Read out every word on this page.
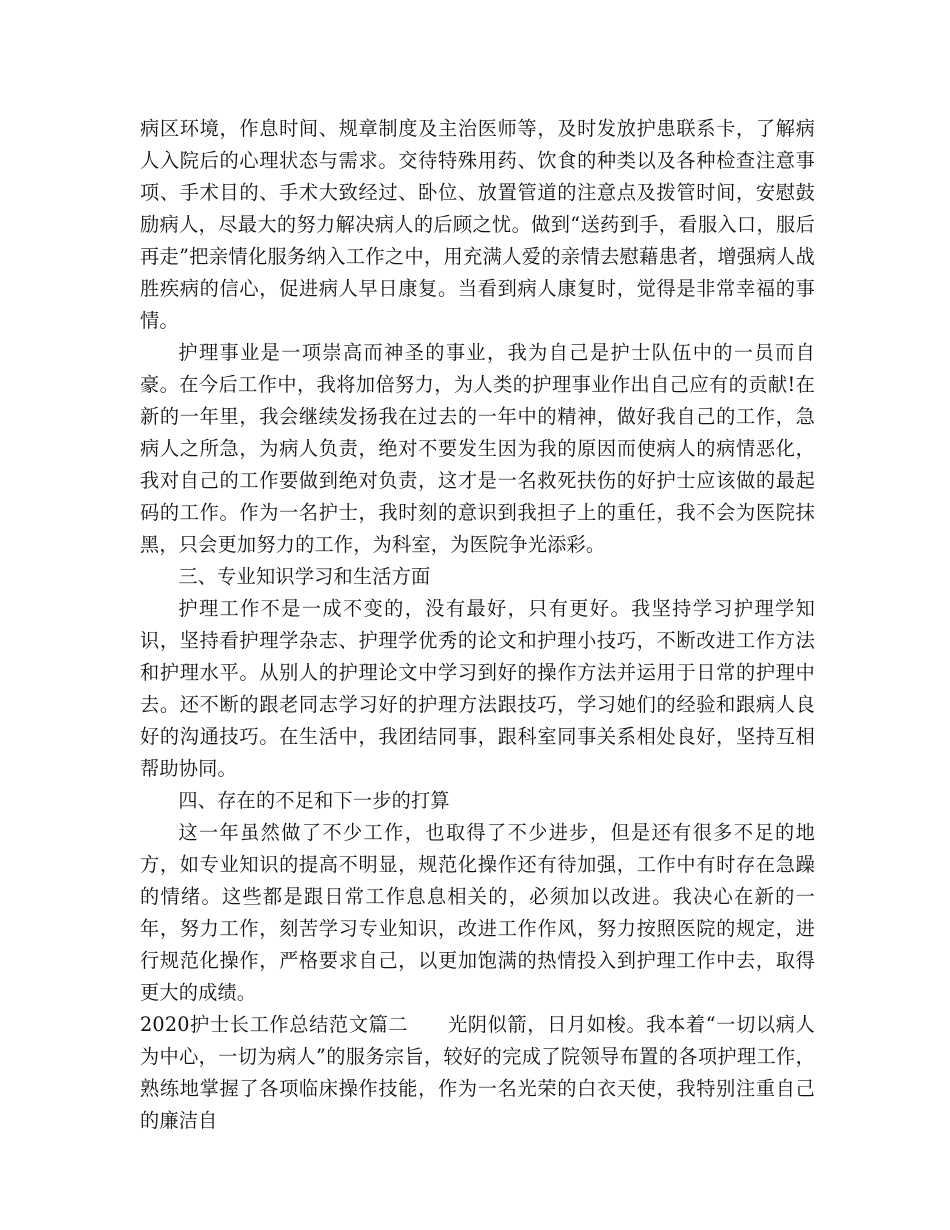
病区环境，作息时间、规章制度及主治医师等，及时发放护患联系卡，了解病人入院后的心理状态与需求。交待特殊用药、饮食的种类以及各种检查注意事项、手术目的、手术大致经过、卧位、放置管道的注意点及拨管时间，安慰鼓励病人，尽最大的努力解决病人的后顾之忧。做到“送药到手，看服入口，服后再走”把亲情化服务纳入工作之中，用充满人爱的亲情去慰藉患者，增强病人战胜疾病的信心，促进病人早日康复。当看到病人康复时，觉得是非常幸福的事情。

护理事业是一项崇高而神圣的事业，我为自己是护士队伍中的一员而自豪。在今后工作中，我将加倍努力，为人类的护理事业作出自己应有的贡献!在新的一年里，我会继续发扬我在过去的一年中的精神，做好我自己的工作，急病人之所急，为病人负责，绝对不要发生因为我的原因而使病人的病情恶化，我对自己的工作要做到绝对负责，这才是一名救死扶伤的好护士应该做的最起码的工作。作为一名护士，我时刻的意识到我担子上的重任，我不会为医院抹黑，只会更加努力的工作，为科室，为医院争光添彩。

三、专业知识学习和生活方面

护理工作不是一成不变的，没有最好，只有更好。我坚持学习护理学知识，坚持看护理学杂志、护理学优秀的论文和护理小技巧，不断改进工作方法和护理水平。从别人的护理论文中学习到好的操作方法并运用于日常的护理中去。还不断的跟老同志学习好的护理方法跟技巧，学习她们的经验和跟病人良好的沟通技巧。在生活中，我团结同事，跟科室同事关系相处良好，坚持互相帮助协同。

四、存在的不足和下一步的打算

这一年虽然做了不少工作，也取得了不少进步，但是还有很多不足的地方，如专业知识的提高不明显，规范化操作还有待加强，工作中有时存在急躁的情绪。这些都是跟日常工作息息相关的，必须加以改进。我决心在新的一年，努力工作，刻苦学习专业知识，改进工作作风，努力按照医院的规定，进行规范化操作，严格要求自己，以更加饱满的热情投入到护理工作中去，取得更大的成绩。

2020护士长工作总结范文篇二　　光阴似箭，日月如梭。我本着“一切以病人为中心，一切为病人”的服务宗旨，较好的完成了院领导布置的各项护理工作，熟练地掌握了各项临床操作技能，作为一名光荣的白衣天使，我特别注重自己的廉洁自
